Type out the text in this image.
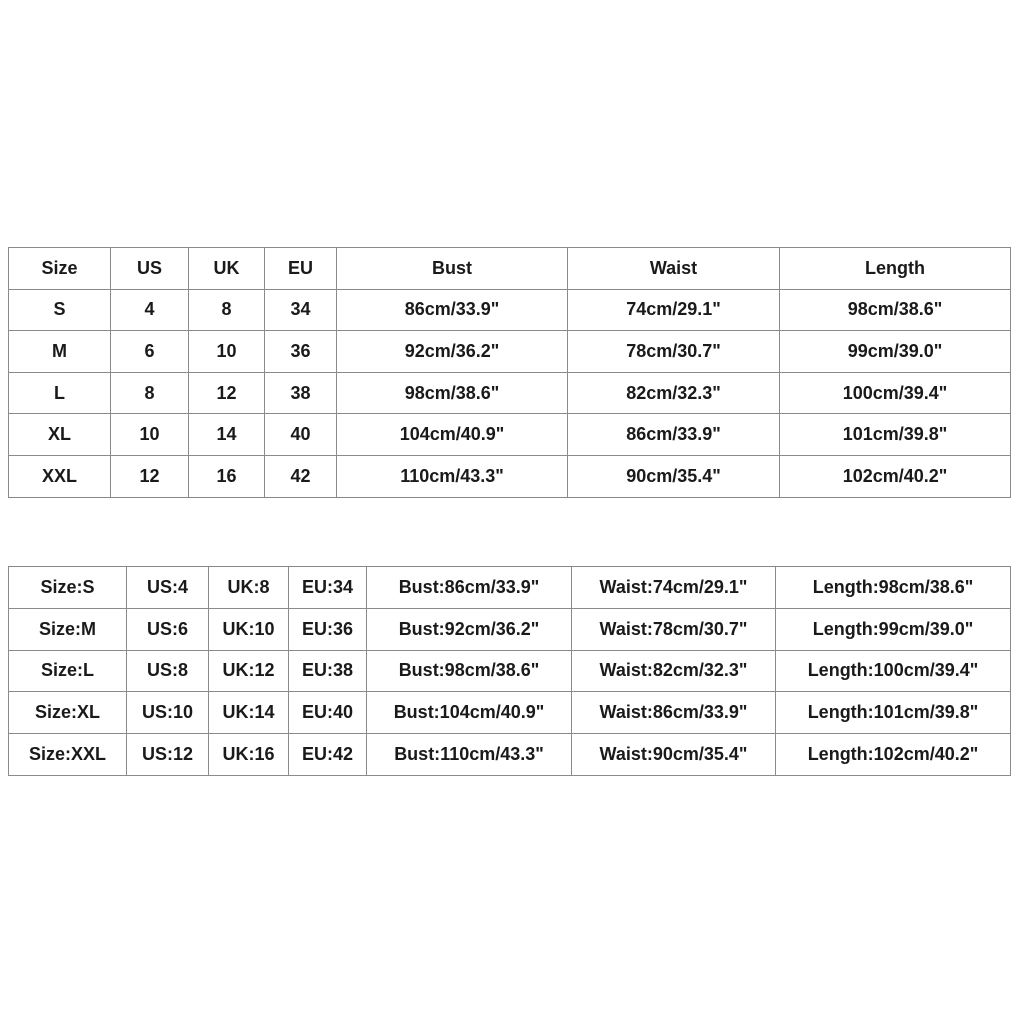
Size	US	UK	EU	Bust	Waist	Length
S	4	8	34	86cm/33.9"	74cm/29.1"	98cm/38.6"
M	6	10	36	92cm/36.2"	78cm/30.7"	99cm/39.0"
L	8	12	38	98cm/38.6"	82cm/32.3"	100cm/39.4"
XL	10	14	40	104cm/40.9"	86cm/33.9"	101cm/39.8"
XXL	12	16	42	110cm/43.3"	90cm/35.4"	102cm/40.2"
Size:S	US:4	UK:8	EU:34	Bust:86cm/33.9"	Waist:74cm/29.1"	Length:98cm/38.6"
Size:M	US:6	UK:10	EU:36	Bust:92cm/36.2"	Waist:78cm/30.7"	Length:99cm/39.0"
Size:L	US:8	UK:12	EU:38	Bust:98cm/38.6"	Waist:82cm/32.3"	Length:100cm/39.4"
Size:XL	US:10	UK:14	EU:40	Bust:104cm/40.9"	Waist:86cm/33.9"	Length:101cm/39.8"
Size:XXL	US:12	UK:16	EU:42	Bust:110cm/43.3"	Waist:90cm/35.4"	Length:102cm/40.2"
